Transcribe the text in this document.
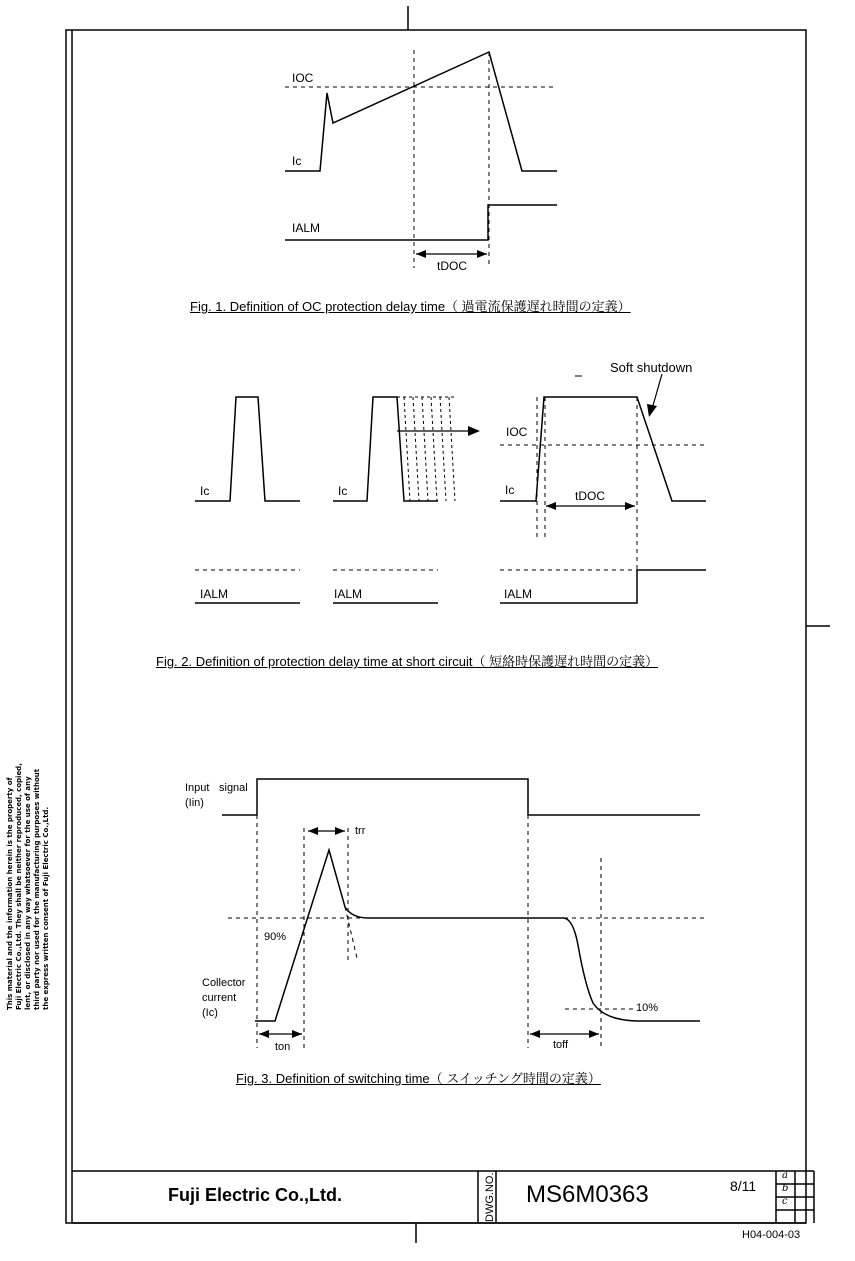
IOC
Ic
IALM
tDOC
Fig. 1. Definition of OC protection delay time（ 過電流保護遅れ時間の定義）
Soft shutdown
IOC
Ic	Ic	Ic	tDOC
IALM	IALM	IALM
Fig. 2. Definition of protection delay time at short circuit（ 短絡時保護遅れ時間の定義）
Input signal
(Iin)
trr
90%
Collector
current
(Ic)	10%
ton	toff
Fig. 3. Definition of switching time（ スイッチング時間の定義）
This material and the information herein is the property of Fuji Electric Co.,Ltd. They shall be neither reproduced, copied, lent, or disclosed in any way whatsoever for the use of any third party nor used for the manufacturing purposes without the express written consent of Fuji Electric Co.,Ltd.
Fuji Electric Co.,Ltd.	DWG.NO. MS6M0363	8/11
a
b
c
H04-004-03
